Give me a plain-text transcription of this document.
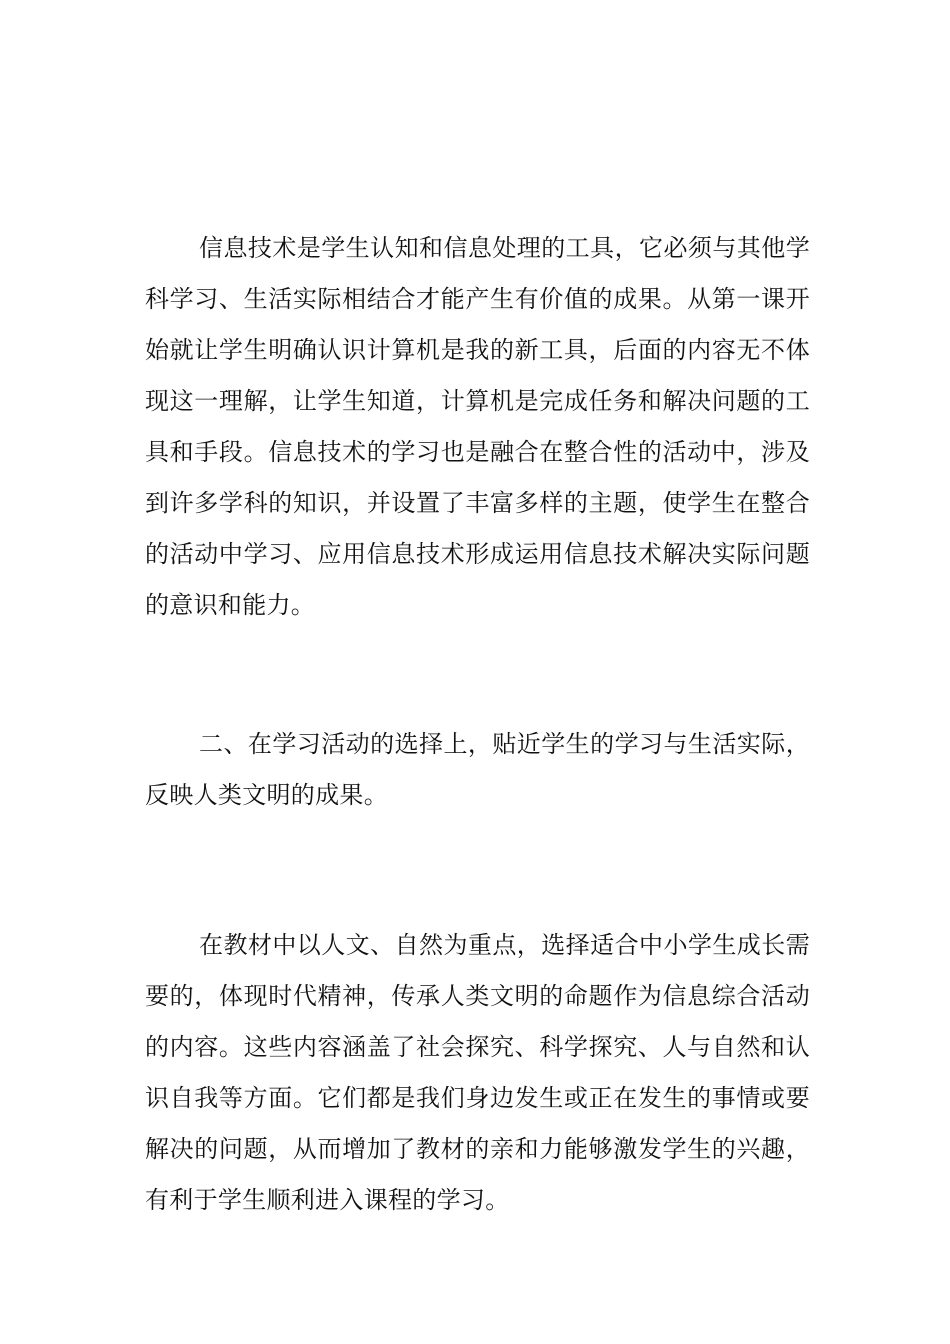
信息技术是学生认知和信息处理的工具，它必须与其他学科学习、生活实际相结合才能产生有价值的成果。从第一课开始就让学生明确认识计算机是我的新工具，后面的内容无不体现这一理解，让学生知道，计算机是完成任务和解决问题的工具和手段。信息技术的学习也是融合在整合性的活动中，涉及到许多学科的知识，并设置了丰富多样的主题，使学生在整合的活动中学习、应用信息技术形成运用信息技术解决实际问题的意识和能力。

二、在学习活动的选择上，贴近学生的学习与生活实际，反映人类文明的成果。

在教材中以人文、自然为重点，选择适合中小学生成长需要的，体现时代精神，传承人类文明的命题作为信息综合活动的内容。这些内容涵盖了社会探究、科学探究、人与自然和认识自我等方面。它们都是我们身边发生或正在发生的事情或要解决的问题，从而增加了教材的亲和力能够激发学生的兴趣，有利于学生顺利进入课程的学习。
